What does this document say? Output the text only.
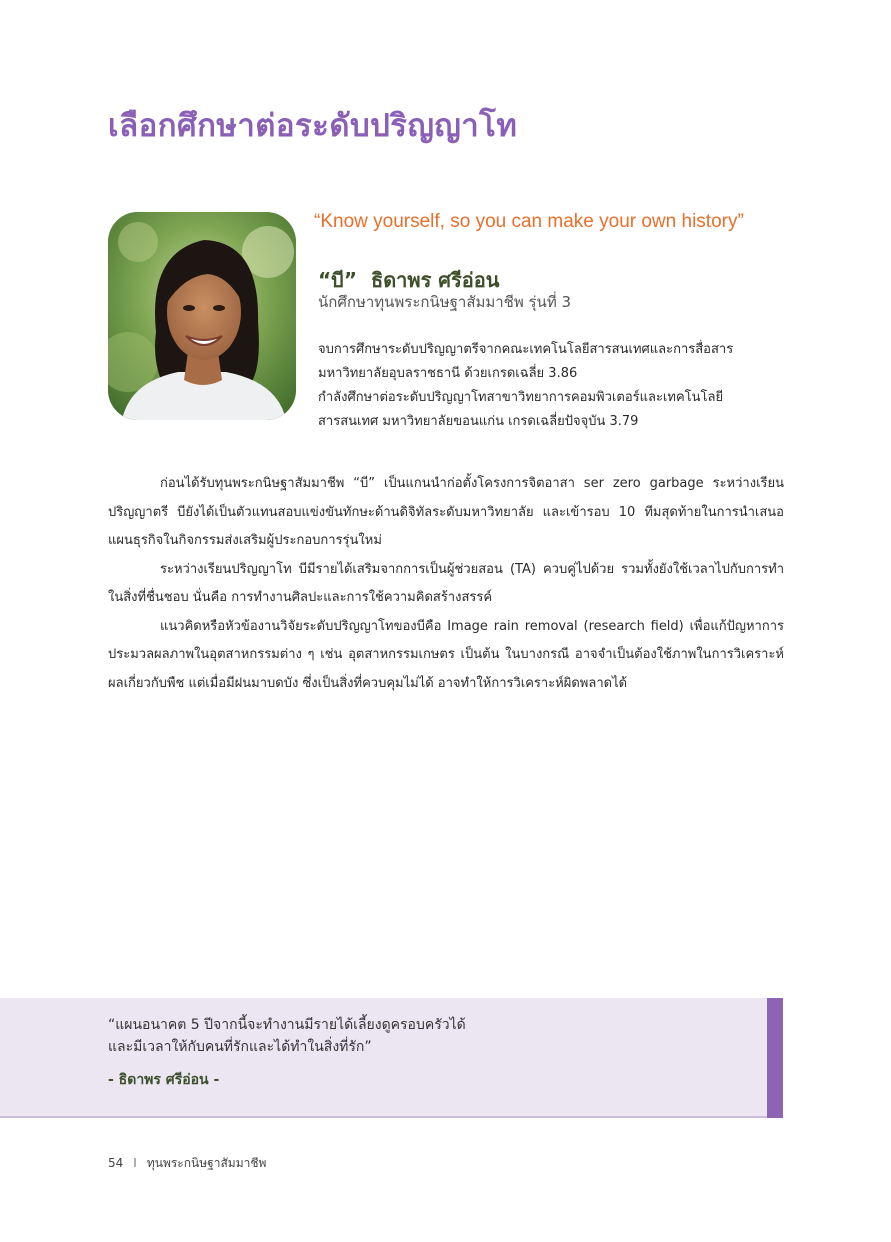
เลือกศึกษาต่อระดับปริญญาโท
“Know yourself, so you can make your own history”
“บี” ธิดาพร ศรีอ่อน
นักศึกษาทุนพระกนิษฐาสัมมาชีพ รุ่นที่ 3

จบการศึกษาระดับปริญญาตรีจากคณะเทคโนโลยีสารสนเทศและการสื่อสาร

มหาวิทยาลัยอุบลราชธานี ด้วยเกรดเฉลี่ย 3.86

กำลังศึกษาต่อระดับปริญญาโทสาขาวิทยาการคอมพิวเตอร์และเทคโนโลยี

สารสนเทศ มหาวิทยาลัยขอนแก่น เกรดเฉลี่ยปัจจุบัน 3.79

ก่อนได้รับทุนพระกนิษฐาสัมมาชีพ “บี” เป็นแกนนำก่อตั้งโครงการจิตอาสา ser zero garbage ระหว่างเรียนปริญญาตรี บียังได้เป็นตัวแทนสอบแข่งขันทักษะด้านดิจิทัลระดับมหาวิทยาลัย และเข้ารอบ 10 ทีมสุดท้ายในการนำเสนอแผนธุรกิจในกิจกรรมส่งเสริมผู้ประกอบการรุ่นใหม่

ระหว่างเรียนปริญญาโท บีมีรายได้เสริมจากการเป็นผู้ช่วยสอน (TA) ควบคู่ไปด้วย รวมทั้งยังใช้เวลาไปกับการทำในสิ่งที่ชื่นชอบ นั่นคือ การทำงานศิลปะและการใช้ความคิดสร้างสรรค์

แนวคิดหรือหัวข้องานวิจัยระดับปริญญาโทของบีคือ Image rain removal (research field) เพื่อแก้ปัญหาการประมวลผลภาพในอุตสาหกรรมต่าง ๆ เช่น อุตสาหกรรมเกษตร เป็นต้น ในบางกรณี อาจจำเป็นต้องใช้ภาพในการวิเคราะห์ผลเกี่ยวกับพืช แต่เมื่อมีฝนมาบดบัง ซึ่งเป็นสิ่งที่ควบคุมไม่ได้ อาจทำให้การวิเคราะห์ผิดพลาดได้

“แผนอนาคต 5 ปีจากนี้จะทำงานมีรายได้เลี้ยงดูครอบครัวได้
และมีเวลาให้กับคนที่รักและได้ทำในสิ่งที่รัก”
- ธิดาพร ศรีอ่อน -
54 I ทุนพระกนิษฐาสัมมาชีพ
